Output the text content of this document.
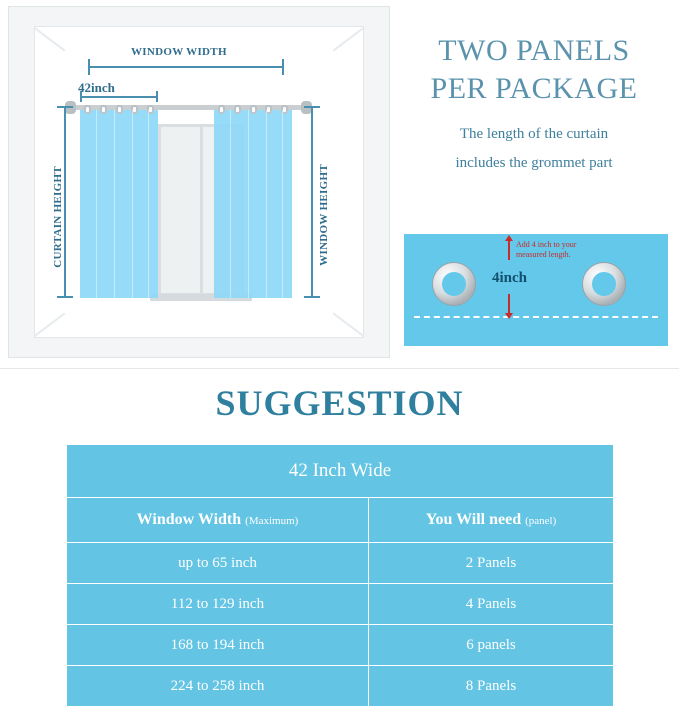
WINDOW WIDTH
42inch
CURTAIN HEIGHT	WINDOW HEIGHT
TWO PANELS
PER PACKAGE
The length of the curtain
includes the grommet part
Add 4 inch to your
measured length.
4inch
SUGGESTION
42 Inch Wide	
Window Width (Maximum)	You Will need (panel)
up to 65 inch	2 Panels
112 to 129 inch	4 Panels
168 to 194 inch	6 panels
224 to 258 inch	8 Panels
